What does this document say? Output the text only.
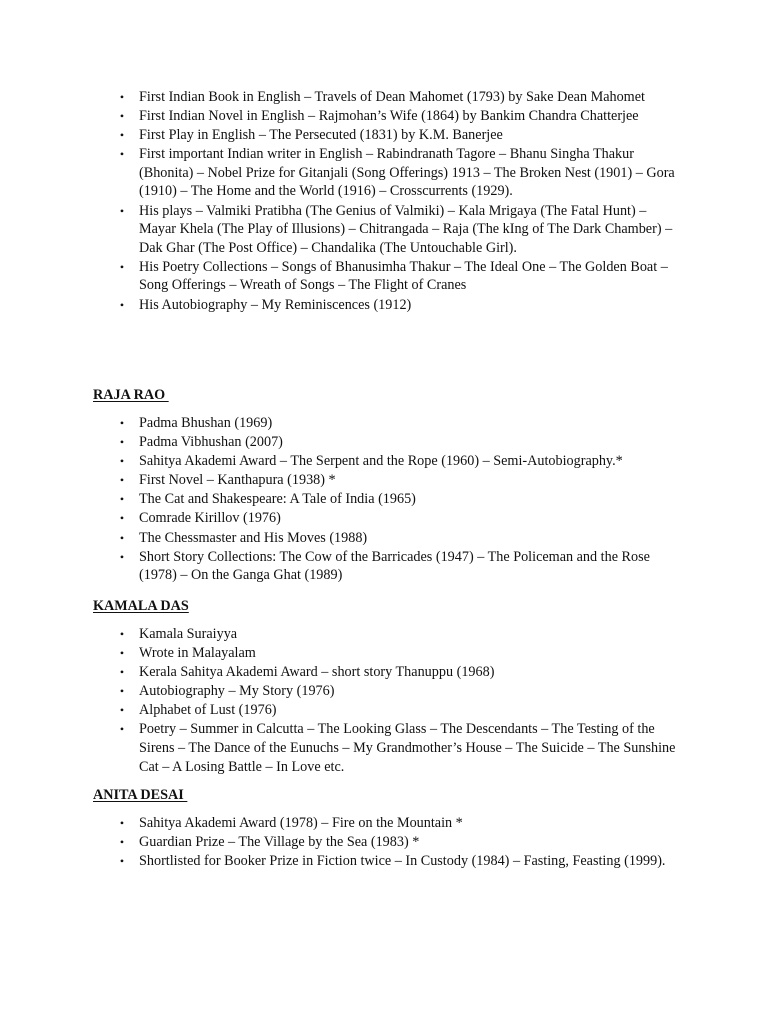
•	First Indian Book in English – Travels of Dean Mahomet (1793) by Sake Dean Mahomet
•	First Indian Novel in English – Rajmohan’s Wife (1864) by Bankim Chandra Chatterjee
•	First Play in English – The Persecuted (1831) by K.M. Banerjee
•	First important Indian writer in English – Rabindranath Tagore – Bhanu Singha Thakur (Bhonita) – Nobel Prize for Gitanjali (Song Offerings) 1913 – The Broken Nest (1901) – Gora (1910) – The Home and the World (1916) – Crosscurrents (1929).
•	His plays – Valmiki Pratibha (The Genius of Valmiki) – Kala Mrigaya (The Fatal Hunt) – Mayar Khela (The Play of Illusions) – Chitrangada – Raja (The kIng of The Dark Chamber) – Dak Ghar (The Post Office) – Chandalika (The Untouchable Girl).
•	His Poetry Collections – Songs of Bhanusimha Thakur – The Ideal One – The Golden Boat – Song Offerings – Wreath of Songs – The Flight of Cranes
•	His Autobiography – My Reminiscences (1912)
RAJA RAO
•	Padma Bhushan (1969)
•	Padma Vibhushan (2007)
•	Sahitya Akademi Award – The Serpent and the Rope (1960) – Semi-Autobiography.*
•	First Novel – Kanthapura (1938) *
•	The Cat and Shakespeare: A Tale of India (1965)
•	Comrade Kirillov (1976)
•	The Chessmaster and His Moves (1988)
•	Short Story Collections: The Cow of the Barricades (1947) – The Policeman and the Rose (1978) – On the Ganga Ghat (1989)
KAMALA DAS
•	Kamala Suraiyya
•	Wrote in Malayalam
•	Kerala Sahitya Akademi Award – short story Thanuppu (1968)
•	Autobiography – My Story (1976)
•	Alphabet of Lust (1976)
•	Poetry – Summer in Calcutta – The Looking Glass – The Descendants – The Testing of the Sirens – The Dance of the Eunuchs – My Grandmother’s House – The Suicide – The Sunshine Cat – A Losing Battle – In Love etc.
ANITA DESAI
•	Sahitya Akademi Award (1978) – Fire on the Mountain *
•	Guardian Prize – The Village by the Sea (1983) *
•	Shortlisted for Booker Prize in Fiction twice – In Custody (1984) – Fasting, Feasting (1999).
